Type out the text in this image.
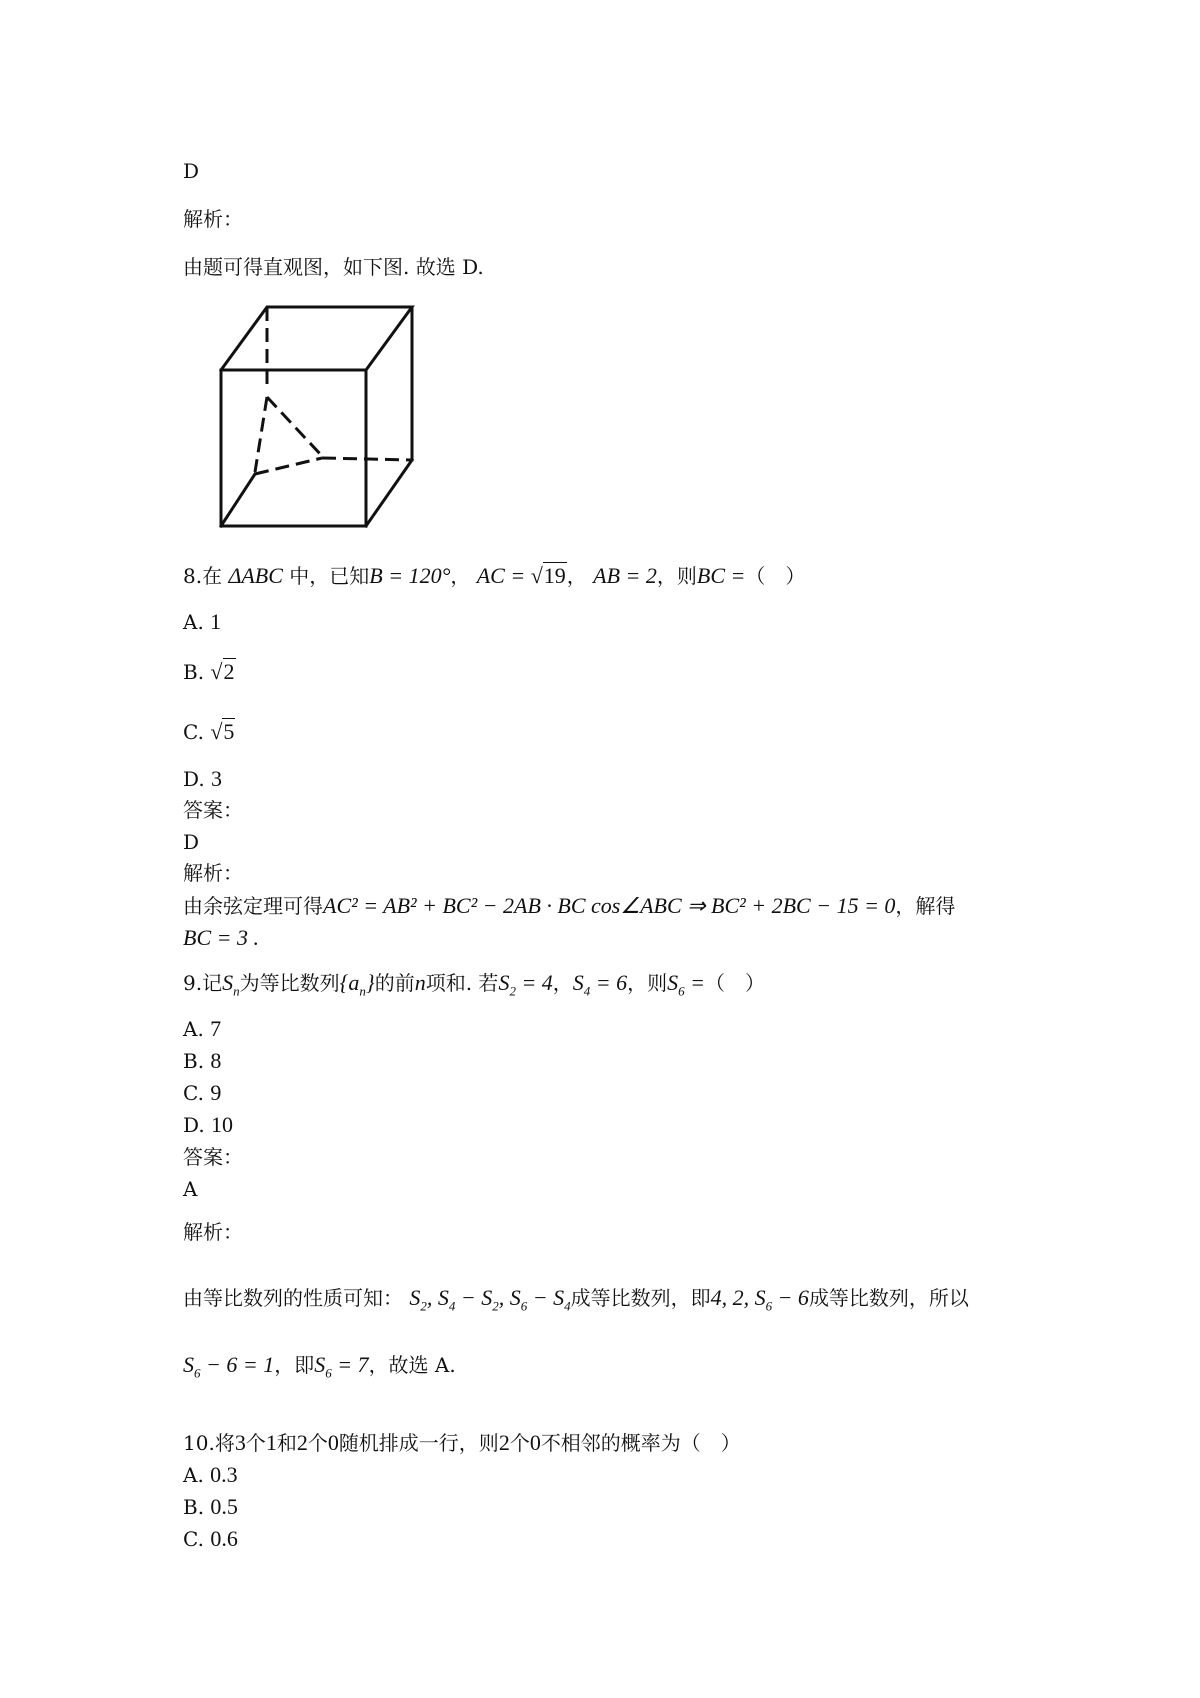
D
解析：
由题可得直观图，如下图. 故选 D.
8.在 ΔABC 中，已知B = 120°， AC = √19， AB = 2，则BC =（　）
A. 1
B. √2
C. √5
D. 3
答案：
D
解析：
由余弦定理可得AC² = AB² + BC² − 2AB · BC cos∠ABC ⇒ BC² + 2BC − 15 = 0，解得
BC = 3 .
9.记$S_n$为等比数列$\{a_n\}$的前n项和. 若$S_2 = 4$，$S_4 = 6$，则$S_6$ =（　）
A. 7
B. 8
C. 9
D. 10
答案：
A
解析：
由等比数列的性质可知： $S_2$, $S_4 - S_2$, $S_6 - S_4$成等比数列，即4, 2, $S_6 - 6$成等比数列，所以
$S_6 - 6 = 1$，即$S_6 = 7$，故选 A.
10.将3个1和2个0随机排成一行，则2个0不相邻的概率为（　）
A. 0.3
B. 0.5
C. 0.6
